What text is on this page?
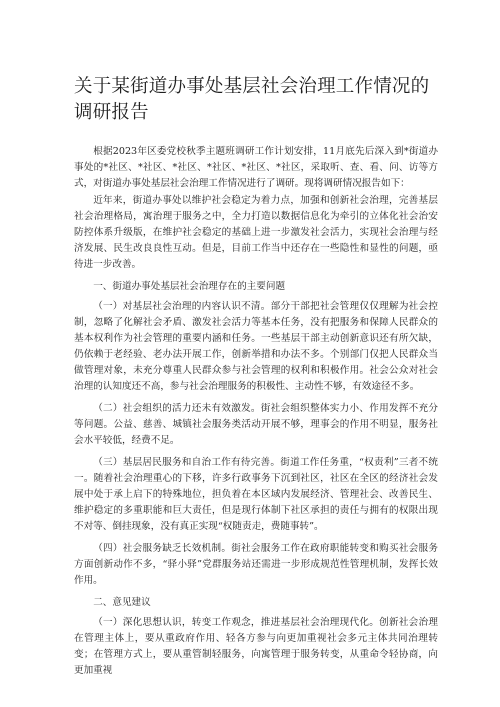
关于某街道办事处基层社会治理工作情况的调研报告

根据2023年区委党校秋季主题班调研工作计划安排，11月底先后深入到*街道办事处的*社区、*社区、*社区、*社区、*社区、*社区，采取听、查、看、问、访等方式，对街道办事处基层社会治理工作情况进行了调研。现将调研情况报告如下：

近年来，街道办事处以维护社会稳定为着力点，加强和创新社会治理，完善基层社会治理格局，寓治理于服务之中，全力打造以数据信息化为牵引的立体化社会治安防控体系升级版，在维护社会稳定的基础上进一步激发社会活力，实现社会治理与经济发展、民生改良良性互动。但是，目前工作当中还存在一些隐性和显性的问题，亟待进一步改善。

一、街道办事处基层社会治理存在的主要问题

（一）对基层社会治理的内容认识不清。部分干部把社会管理仅仅理解为社会控制，忽略了化解社会矛盾、激发社会活力等基本任务，没有把服务和保障人民群众的基本权利作为社会管理的重要内涵和任务。一些基层干部主动创新意识还有所欠缺，仍依赖于老经验、老办法开展工作，创新举措和办法不多。个别部门仅把人民群众当做管理对象，未充分尊重人民群众参与社会管理的权利和积极作用。社会公众对社会治理的认知度还不高，参与社会治理服务的积极性、主动性不够，有效途径不多。

（二）社会组织的活力还未有效激发。街社会组织整体实力小、作用发挥不充分等问题。公益、慈善、城镇社会服务类活动开展不够，理事会的作用不明显，服务社会水平较低，经费不足。

（三）基层居民服务和自治工作有待完善。街道工作任务重，“权责利”三者不统一。随着社会治理重心的下移，许多行政事务下沉到社区，社区在全区的经济社会发展中处于承上启下的特殊地位，担负着在本区域内发展经济、管理社会、改善民生、维护稳定的多重职能和巨大责任，但是现行体制下社区承担的责任与拥有的权限出现不对等、倒挂现象，没有真正实现“权随责走，费随事转”。

（四）社会服务缺乏长效机制。街社会服务工作在政府职能转变和购买社会服务方面创新动作不多，“驿小驿”党群服务站还需进一步形成规范性管理机制，发挥长效作用。

二、意见建议

（一）深化思想认识，转变工作观念，推进基层社会治理现代化。创新社会治理在管理主体上，要从重政府作用、轻各方参与向更加重视社会多元主体共同治理转变；在管理方式上，要从重管制轻服务，向寓管理于服务转变，从重命令轻协商，向更加重视
